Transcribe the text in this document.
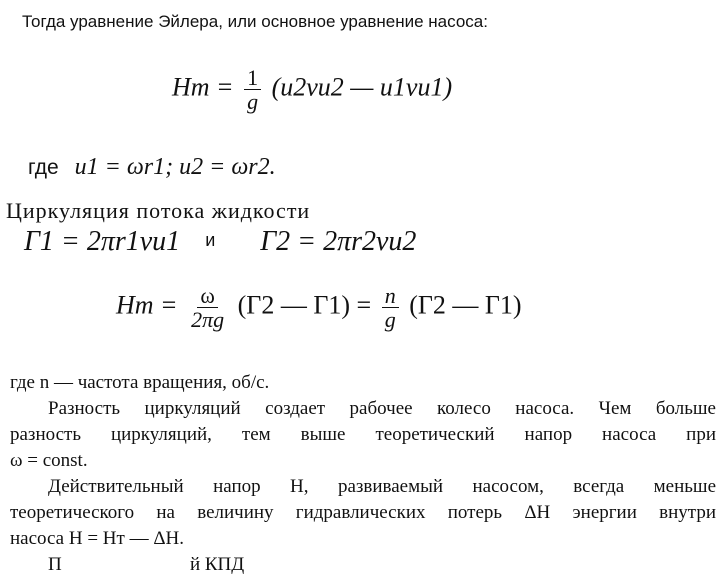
Тогда уравнение Эйлера, или основное уравнение насоса:
Hт = $\frac{1}{g} (u2vu2$ — u1vu1)
где u1 = ωr1; u2 = ωr2.
Циркуляция потока жидкости
Г1 = 2πr1vu1 и Г2 = 2πr2vu2
Hт = $\frac{\omega}{2\pi g} (Г2$ — $Г1) = \frac{n}{g} (Г2$ — Г1)

где n — частота вращения, об/с.

Разность циркуляций создает рабочее колесо насоса. Чем больше

разность циркуляций, тем выше теоретический напор насоса при

ω = const.

Действительный напор H, развиваемый насосом, всегда меньше

теоретического на величину гидравлических потерь ΔH энергии внутри

насоса H = Hт — ΔH.

П                           й КПД
